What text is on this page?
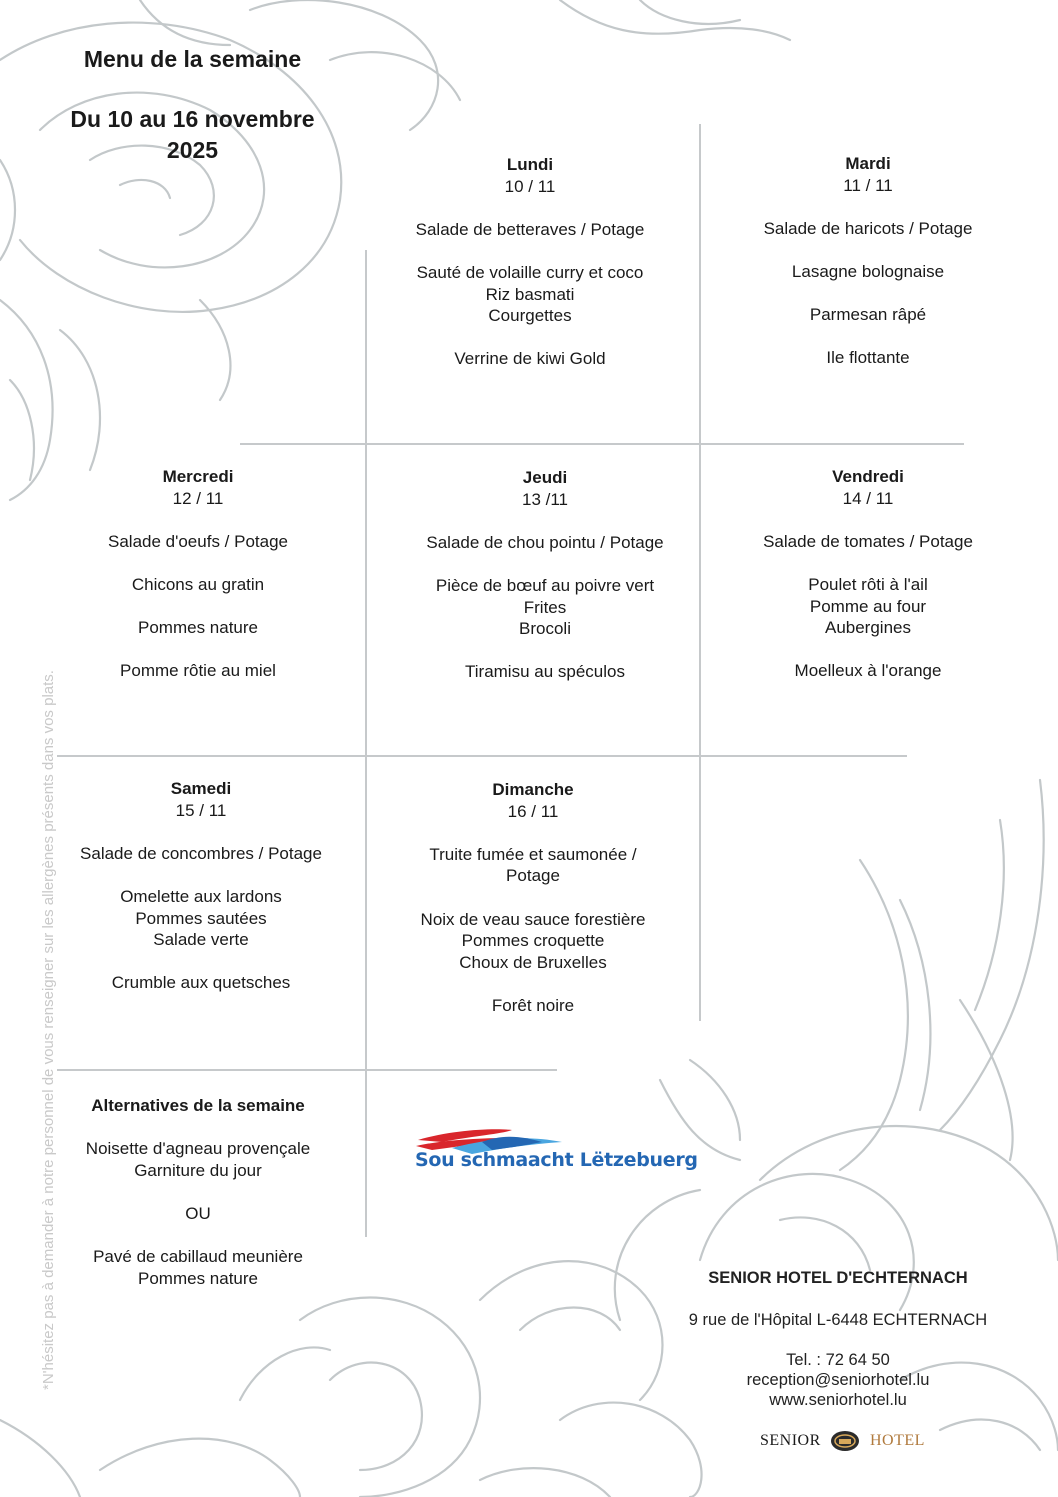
Menu de la semaine
Du 10 au 16 novembre
2025
Lundi
10 / 11
Salade de betteraves / Potage
Sauté de volaille curry et coco
Riz basmati
Courgettes
Verrine de kiwi Gold
Mardi
11 / 11
Salade de haricots / Potage
Lasagne bolognaise
Parmesan râpé
Ile flottante
Mercredi
12 / 11
Salade d'oeufs / Potage
Chicons au gratin
Pommes nature
Pomme rôtie au miel
Jeudi
13 /11
Salade de chou pointu / Potage
Pièce de bœuf au poivre vert
Frites
Brocoli
Tiramisu au spéculos
Vendredi
14 / 11
Salade de tomates / Potage
Poulet rôti à l'ail
Pomme au four
Aubergines
Moelleux à l'orange
Samedi
15 / 11
Salade de concombres / Potage
Omelette aux lardons
Pommes sautées
Salade verte
Crumble aux quetsches
Dimanche
16 / 11
Truite fumée et saumonée /
Potage
Noix de veau sauce forestière
Pommes croquette
Choux de Bruxelles
Forêt noire
Alternatives de la semaine
Noisette d'agneau provençale
Garniture du jour
OU
Pavé de cabillaud meunière
Pommes nature
Sou schmaacht Lëtzebuerg
SENIOR HOTEL D'ECHTERNACH
9 rue de l'Hôpital L-6448 ECHTERNACH
Tel. : 72 64 50
reception@seniorhotel.lu
www.seniorhotel.lu
SENIOR	HOTEL
*N'hésitez pas à demander à notre personnel de vous renseigner sur les allergènes présents dans vos plats.
